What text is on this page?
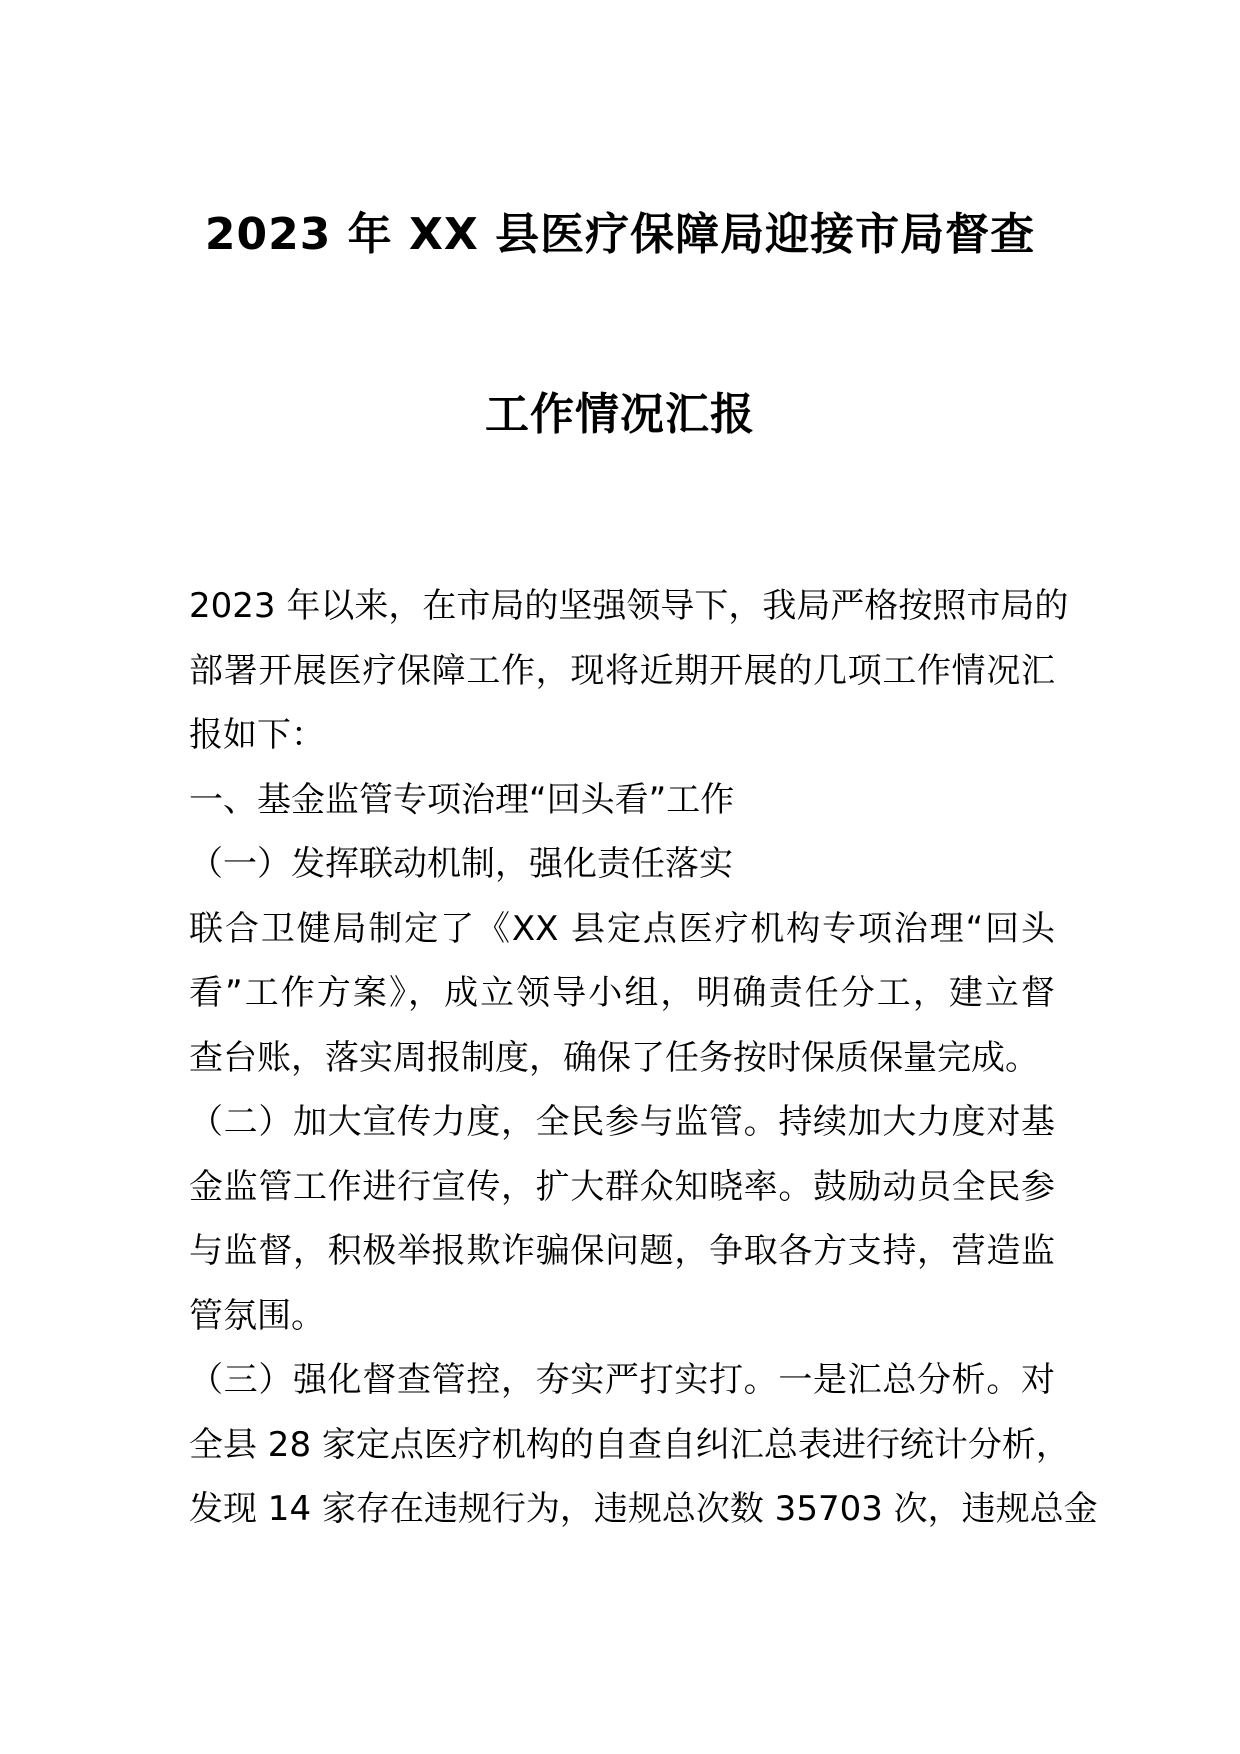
2023 年 XX 县医疗保障局迎接市局督查
工作情况汇报
2023 年以来，在市局的坚强领导下，我局严格按照市局的
部署开展医疗保障工作，现将近期开展的几项工作情况汇
报如下：
一、基金监管专项治理“回头看”工作
（一）发挥联动机制，强化责任落实
联合卫健局制定了《XX 县定点医疗机构专项治理“回头
看”工作方案》，成立领导小组，明确责任分工，建立督
查台账，落实周报制度，确保了任务按时保质保量完成。
（二）加大宣传力度，全民参与监管。持续加大力度对基
金监管工作进行宣传，扩大群众知晓率。鼓励动员全民参
与监督，积极举报欺诈骗保问题，争取各方支持，营造监
管氛围。
（三）强化督查管控，夯实严打实打。一是汇总分析。对
全县 28 家定点医疗机构的自查自纠汇总表进行统计分析，
发现 14 家存在违规行为，违规总次数 35703 次，违规总金
